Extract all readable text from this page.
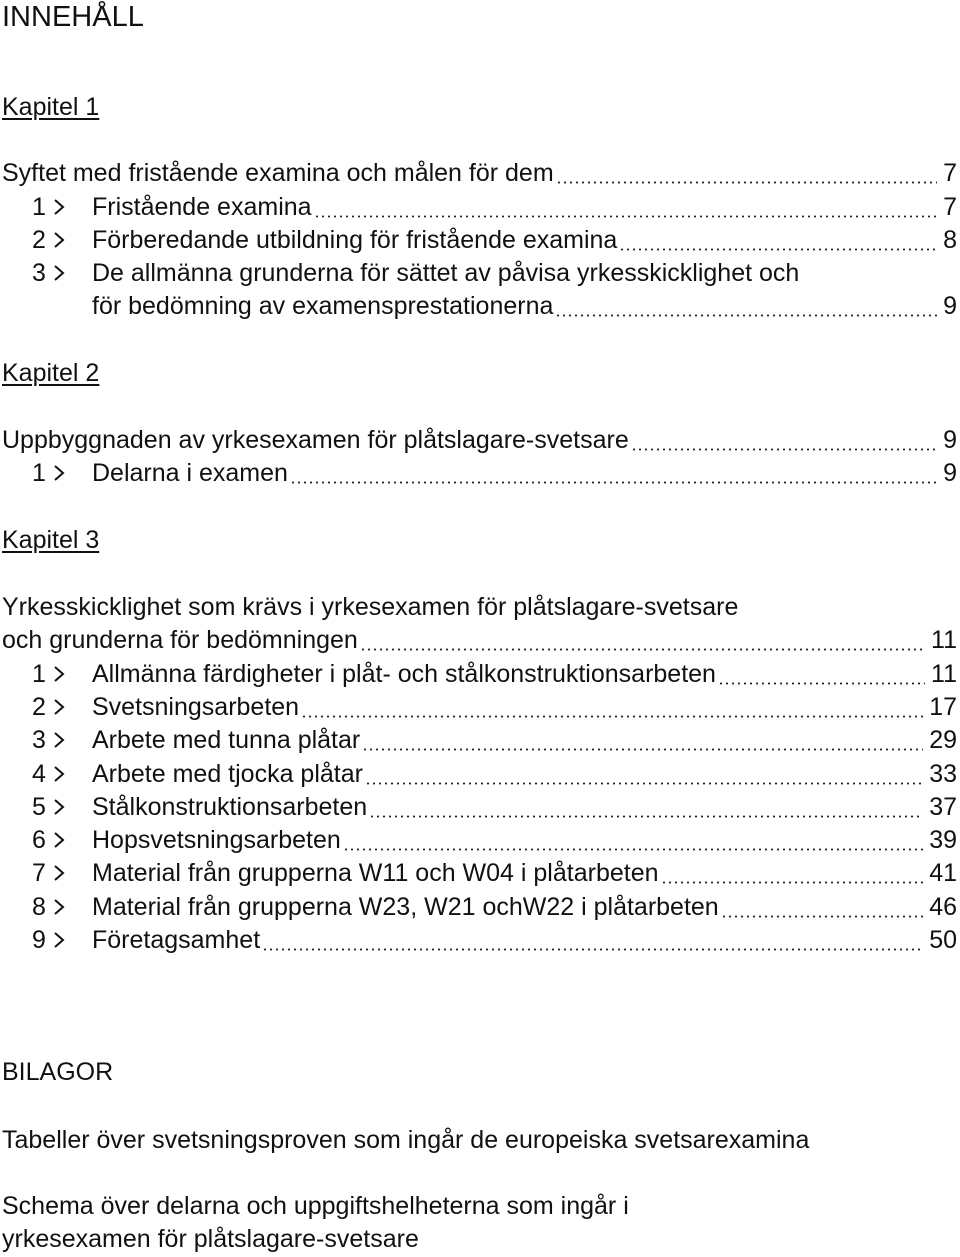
INNEHÅLL
Kapitel 1
Syftet med fristående examina och målen för dem	7
1 Fristående examina	7
2 Förberedande utbildning för fristående examina	8
3 De allmänna grunderna för sättet av påvisa yrkesskicklighet och
för bedömning av examensprestationerna	9
Kapitel 2
Uppbyggnaden av yrkesexamen för plåtslagare-svetsare	9
1 Delarna i examen	9
Kapitel 3
Yrkesskicklighet som krävs i yrkesexamen för plåtslagare-svetsare
och grunderna för bedömningen	11
1 Allmänna färdigheter i plåt- och stålkonstruktionsarbeten	11
2 Svetsningsarbeten	17
3 Arbete med tunna plåtar	29
4 Arbete med tjocka plåtar	33
5 Stålkonstruktionsarbeten	37
6 Hopsvetsningsarbeten	39
7 Material från grupperna W11 och W04 i plåtarbeten	41
8 Material från grupperna W23, W21 ochW22 i plåtarbeten	46
9 Företagsamhet	50
BILAGOR
Tabeller över svetsningsproven som ingår de europeiska svetsarexamina
Schema över delarna och uppgiftshelheterna som ingår i
yrkesexamen för plåtslagare-svetsare
